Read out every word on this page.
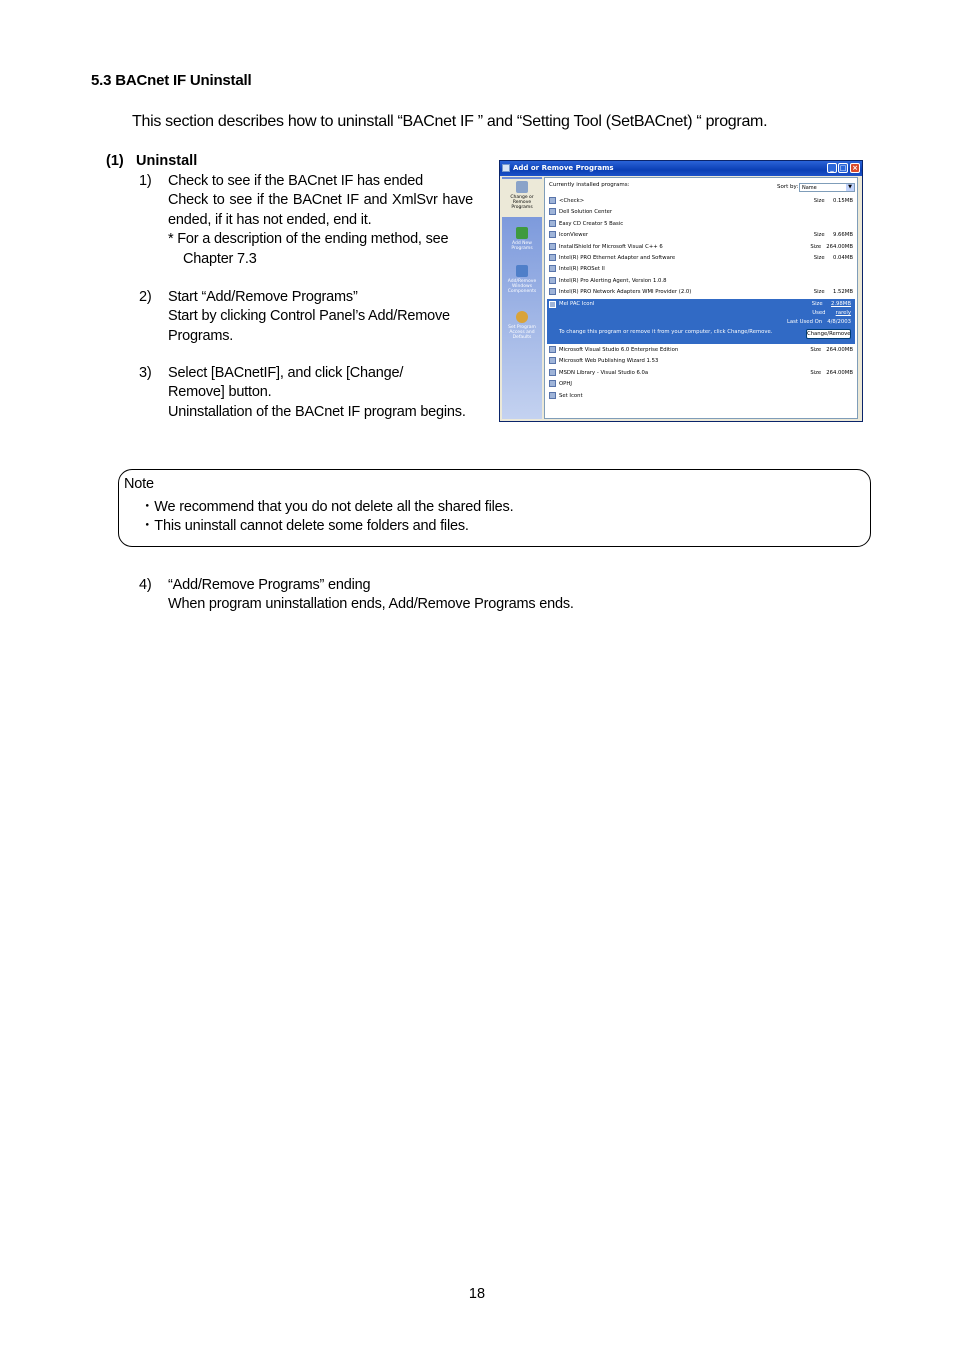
5.3 BACnet IF Uninstall
This section describes how to uninstall “BACnet IF ” and “Setting Tool (SetBACnet) “ program.
(1) Uninstall
1) Check to see if the BACnet IF has ended
Check to see if the BACnet IF and XmlSvr have ended, if it has not ended, end it.
* For a description of the ending method, see
Chapter 7.3
2) Start “Add/Remove Programs”
Start by clicking Control Panel’s Add/Remove Programs.
3) Select [BACnetIF], and click [Change/ Remove] button.
Uninstallation of the BACnet IF program begins.
Add or Remove Programs	_ □ ×
Change or Remove Programs
Add New Programs
Add/Remove Windows Components
Set Program Access and Defaults
Currently installed programs:	Sort by: Name	▼
<Check>	Size 0.15MB
Dell Solution Center
Easy CD Creator 5 Basic
IconViewer	Size 9.66MB
InstallShield for Microsoft Visual C++ 6	Size 264.00MB
Intel(R) PRO Ethernet Adapter and Software	Size 0.04MB
Intel(R) PROSet II
Intel(R) Pro Alerting Agent, Version 1.0.8
Intel(R) PRO Network Adapters WMI Provider (2.0)	Size 1.52MB
Mel PAC Iconl	Size 2.98MB
Used rarely
Last Used On 4/8/2003
To change this program or remove it from your computer, click Change/Remove.	Change/Remove
Microsoft Visual Studio 6.0 Enterprise Edition	Size 264.00MB
Microsoft Web Publishing Wizard 1.53
MSDN Library - Visual Studio 6.0a	Size 264.00MB
OPHJ
Set Icont
Note
・We recommend that you do not delete all the shared files.
・This uninstall cannot delete some folders and files.
4) “Add/Remove Programs” ending
When program uninstallation ends, Add/Remove Programs ends.
18
